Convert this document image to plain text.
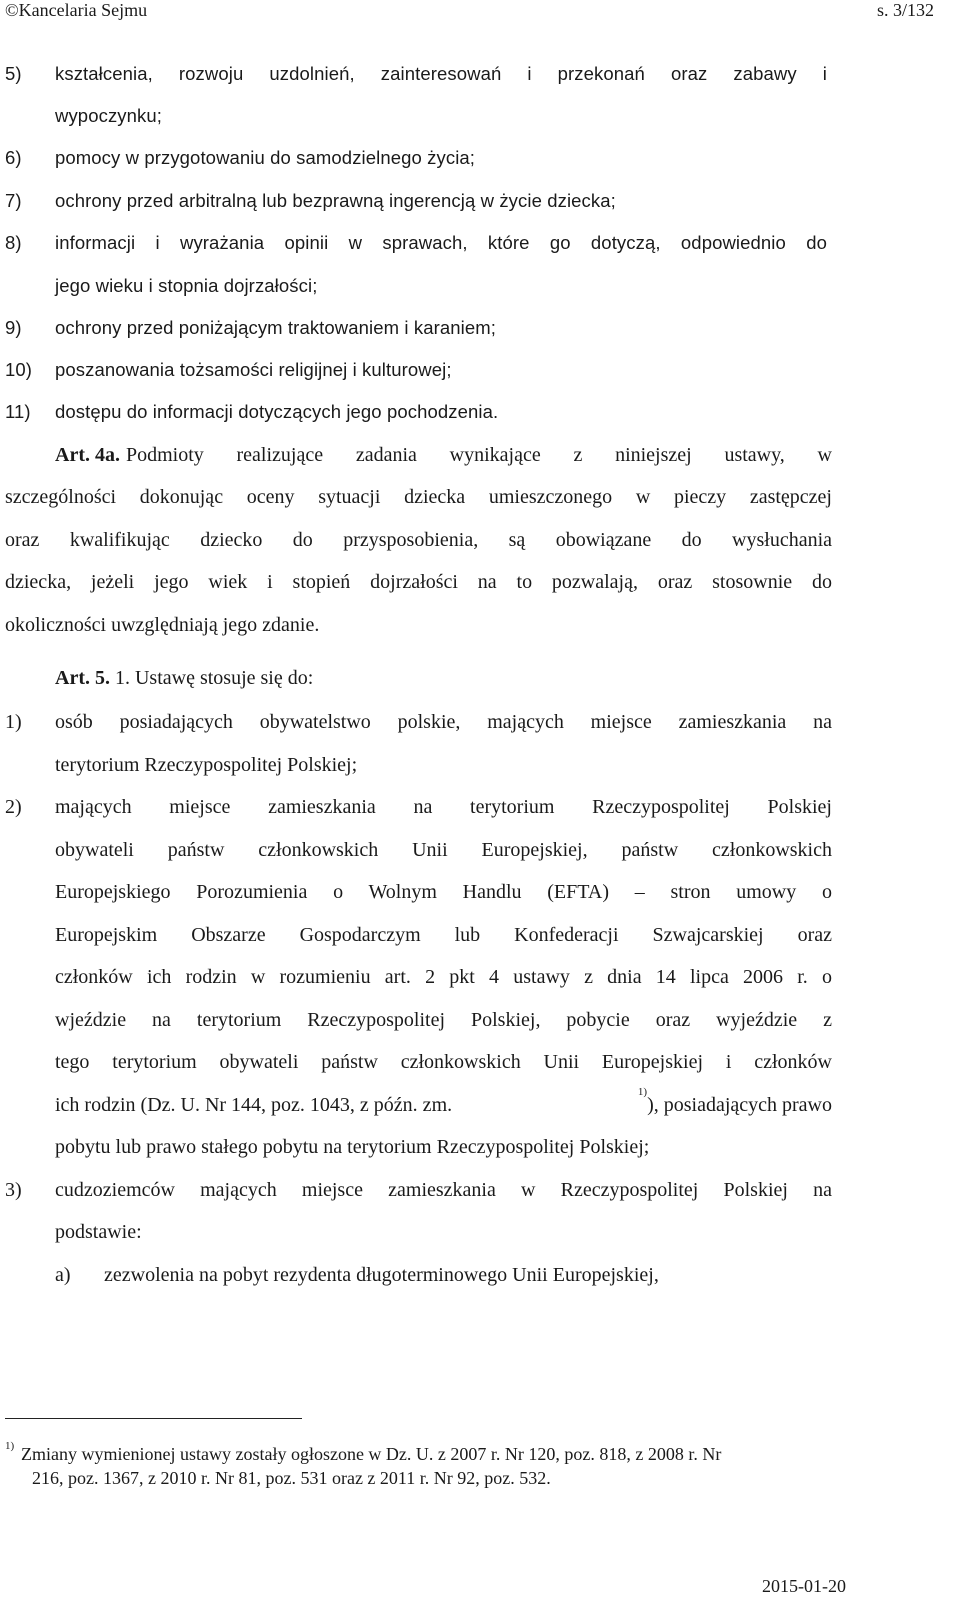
©Kancelaria Sejmu	s. 3/132
5) kształcenia, rozwoju uzdolnień, zainteresowań i przekonań oraz zabawy i
wypoczynku;
6) pomocy w przygotowaniu do samodzielnego życia;
7) ochrony przed arbitralną lub bezprawną ingerencją w życie dziecka;
8) informacji i wyrażania opinii w sprawach, które go dotyczą, odpowiednio do
jego wieku i stopnia dojrzałości;
9) ochrony przed poniżającym traktowaniem i karaniem;
10) poszanowania tożsamości religijnej i kulturowej;
11) dostępu do informacji dotyczących jego pochodzenia.
Art. 4a. Podmioty realizujące zadania wynikające z niniejszej ustawy, w
szczególności dokonując oceny sytuacji dziecka umieszczonego w pieczy zastępczej
oraz kwalifikując dziecko do przysposobienia, są obowiązane do wysłuchania
dziecka, jeżeli jego wiek i stopień dojrzałości na to pozwalają, oraz stosownie do
okoliczności uwzględniają jego zdanie.
Art. 5. 1. Ustawę stosuje się do:
1) osób posiadających obywatelstwo polskie, mających miejsce zamieszkania na
terytorium Rzeczypospolitej Polskiej;
2) mających miejsce zamieszkania na terytorium Rzeczypospolitej Polskiej
obywateli państw członkowskich Unii Europejskiej, państw członkowskich
Europejskiego Porozumienia o Wolnym Handlu (EFTA) – stron umowy o
Europejskim Obszarze Gospodarczym lub Konfederacji Szwajcarskiej oraz
członków ich rodzin w rozumieniu art. 2 pkt 4 ustawy z dnia 14 lipca 2006 r. o
wjeździe na terytorium Rzeczypospolitej Polskiej, pobycie oraz wyjeździe z
tego terytorium obywateli państw członkowskich Unii Europejskiej i członków
ich rodzin (Dz. U. Nr 144, poz. 1043, z późn. zm.
1)
), posiadających prawo
pobytu lub prawo stałego pobytu na terytorium Rzeczypospolitej Polskiej;
3) cudzoziemców mających miejsce zamieszkania w Rzeczypospolitej Polskiej na
podstawie:
a) zezwolenia na pobyt rezydenta długoterminowego Unii Europejskiej,
1) Zmiany wymienionej ustawy zostały ogłoszone w Dz. U. z 2007 r. Nr 120, poz. 818, z 2008 r. Nr
216, poz. 1367, z 2010 r. Nr 81, poz. 531 oraz z 2011 r. Nr 92, poz. 532.
2015-01-20
